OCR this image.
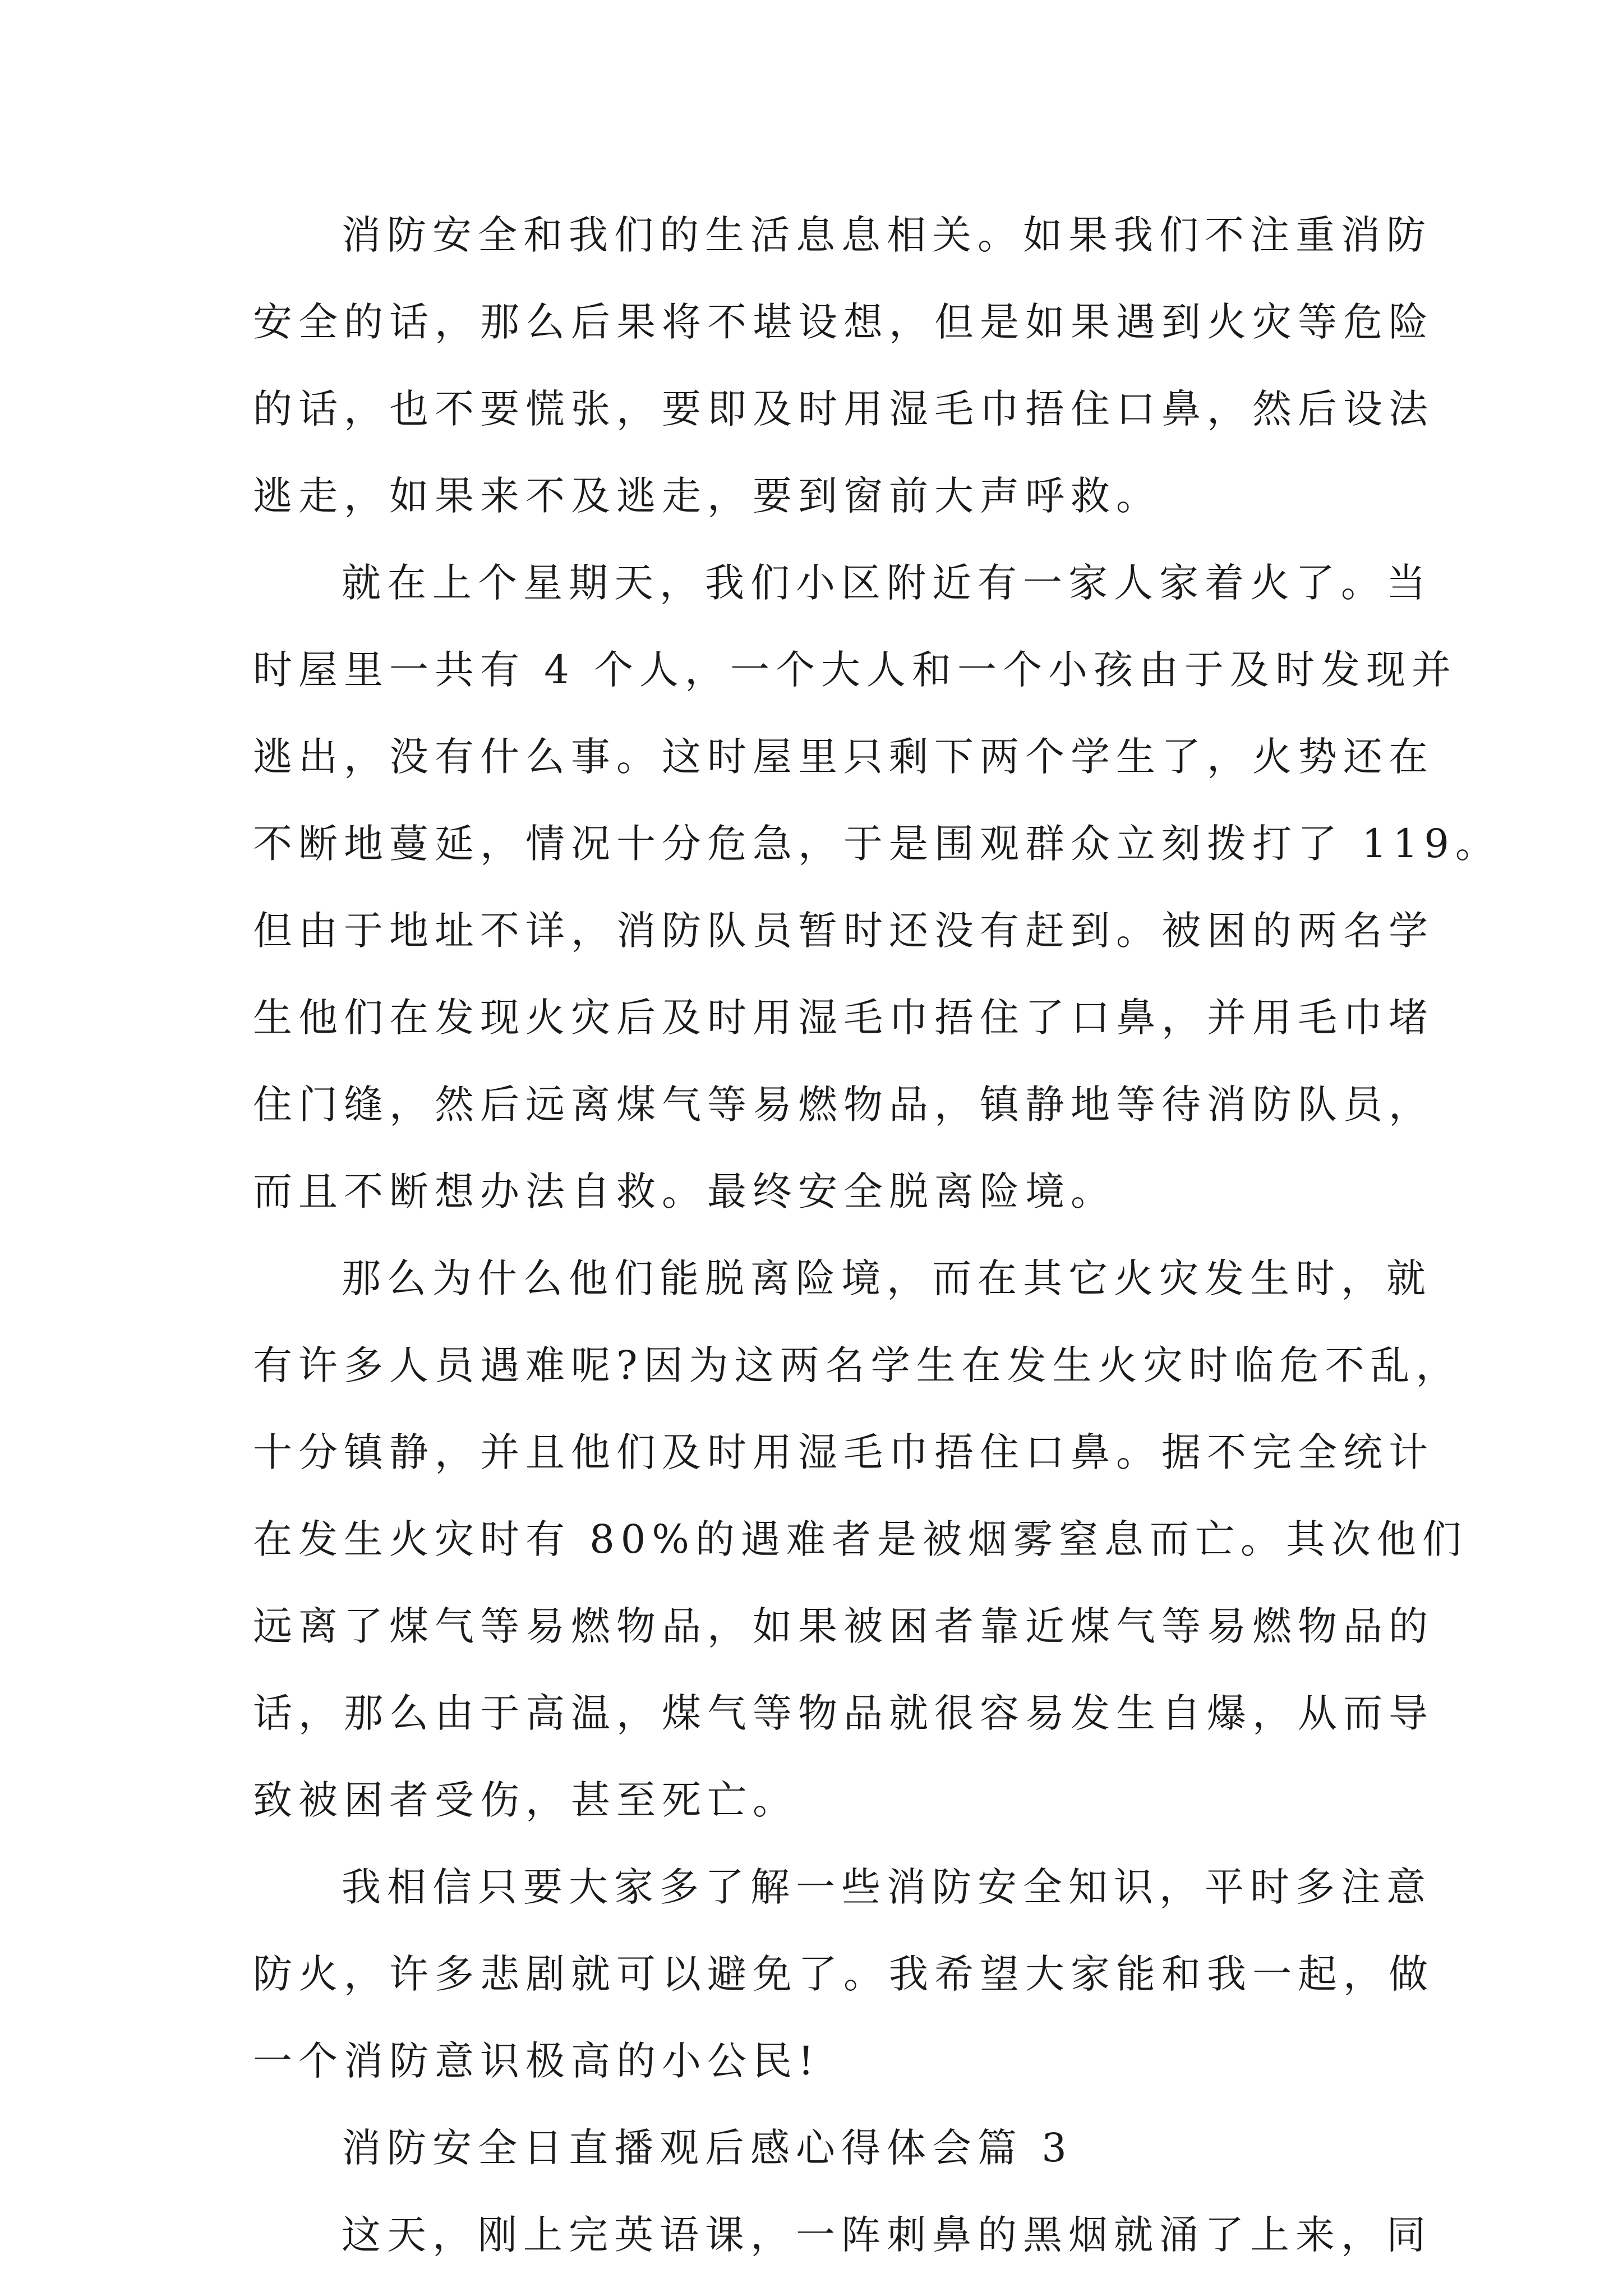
消防安全和我们的生活息息相关。如果我们不注重消防
安全的话，那么后果将不堪设想，但是如果遇到火灾等危险
的话，也不要慌张，要即及时用湿毛巾捂住口鼻，然后设法
逃走，如果来不及逃走，要到窗前大声呼救。
就在上个星期天，我们小区附近有一家人家着火了。当
时屋里一共有 4 个人，一个大人和一个小孩由于及时发现并
逃出，没有什么事。这时屋里只剩下两个学生了，火势还在
不断地蔓延，情况十分危急，于是围观群众立刻拨打了 119。
但由于地址不详，消防队员暂时还没有赶到。被困的两名学
生他们在发现火灾后及时用湿毛巾捂住了口鼻，并用毛巾堵
住门缝，然后远离煤气等易燃物品，镇静地等待消防队员，
而且不断想办法自救。最终安全脱离险境。
那么为什么他们能脱离险境，而在其它火灾发生时，就
有许多人员遇难呢?因为这两名学生在发生火灾时临危不乱，
十分镇静，并且他们及时用湿毛巾捂住口鼻。据不完全统计
在发生火灾时有 80%的遇难者是被烟雾窒息而亡。其次他们
远离了煤气等易燃物品，如果被困者靠近煤气等易燃物品的
话，那么由于高温，煤气等物品就很容易发生自爆，从而导
致被困者受伤，甚至死亡。
我相信只要大家多了解一些消防安全知识，平时多注意
防火，许多悲剧就可以避免了。我希望大家能和我一起，做
一个消防意识极高的小公民!
消防安全日直播观后感心得体会篇 3
这天，刚上完英语课，一阵刺鼻的黑烟就涌了上来，同
